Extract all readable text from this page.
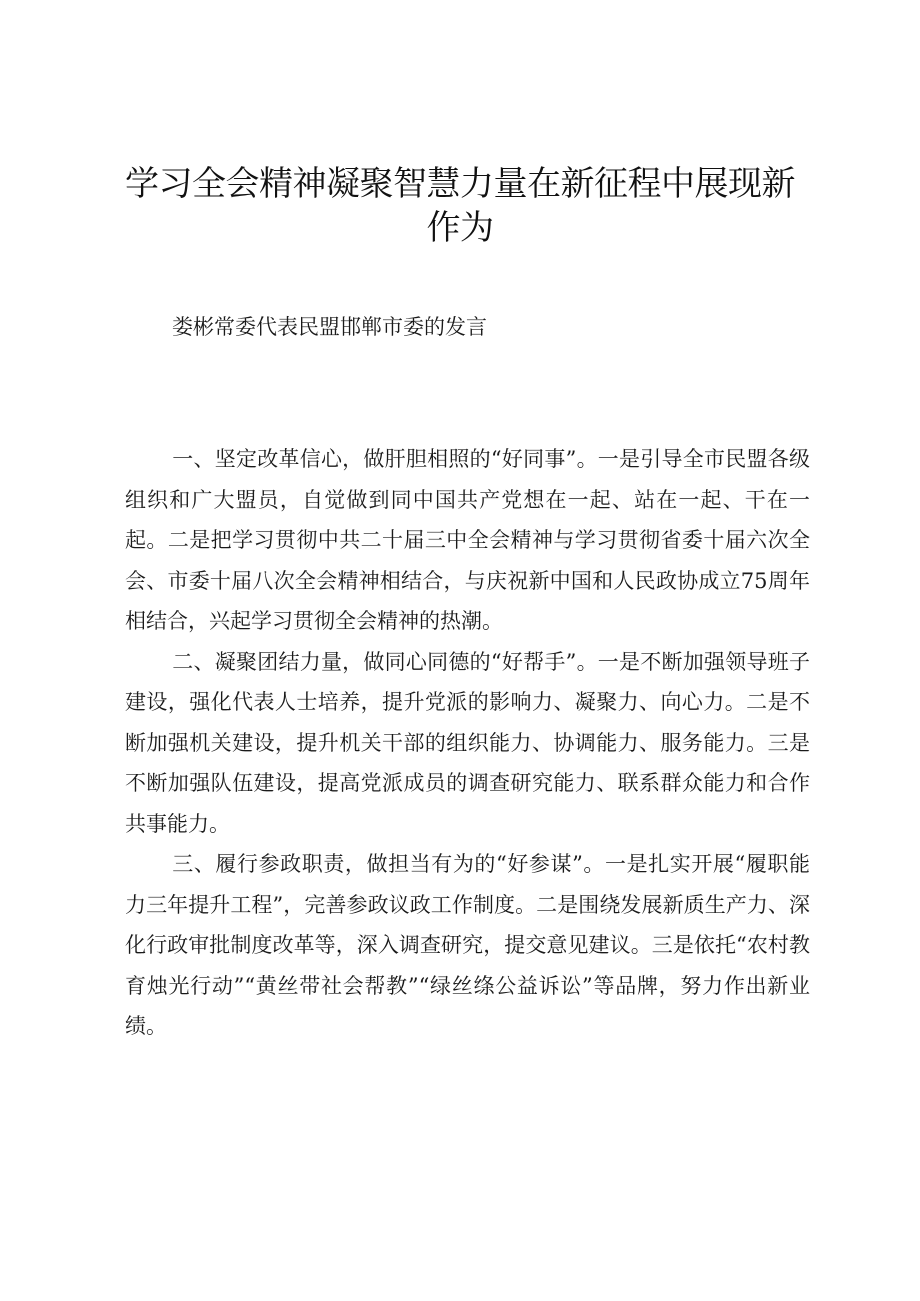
学习全会精神凝聚智慧力量在新征程中展现新作为

娄彬常委代表民盟邯郸市委的发言

一、坚定改革信心，做肝胆相照的“好同事”。一是引导全市民盟各级组织和广大盟员，自觉做到同中国共产党想在一起、站在一起、干在一起。二是把学习贯彻中共二十届三中全会精神与学习贯彻省委十届六次全会、市委十届八次全会精神相结合，与庆祝新中国和人民政协成立75周年相结合，兴起学习贯彻全会精神的热潮。

二、凝聚团结力量，做同心同德的“好帮手”。一是不断加强领导班子建设，强化代表人士培养，提升党派的影响力、凝聚力、向心力。二是不断加强机关建设，提升机关干部的组织能力、协调能力、服务能力。三是不断加强队伍建设，提高党派成员的调查研究能力、联系群众能力和合作共事能力。

三、履行参政职责，做担当有为的“好参谋”。一是扎实开展“履职能力三年提升工程”，完善参政议政工作制度。二是围绕发展新质生产力、深化行政审批制度改革等，深入调查研究，提交意见建议。三是依托“农村教育烛光行动”“黄丝带社会帮教”“绿丝绦公益诉讼”等品牌，努力作出新业绩。
